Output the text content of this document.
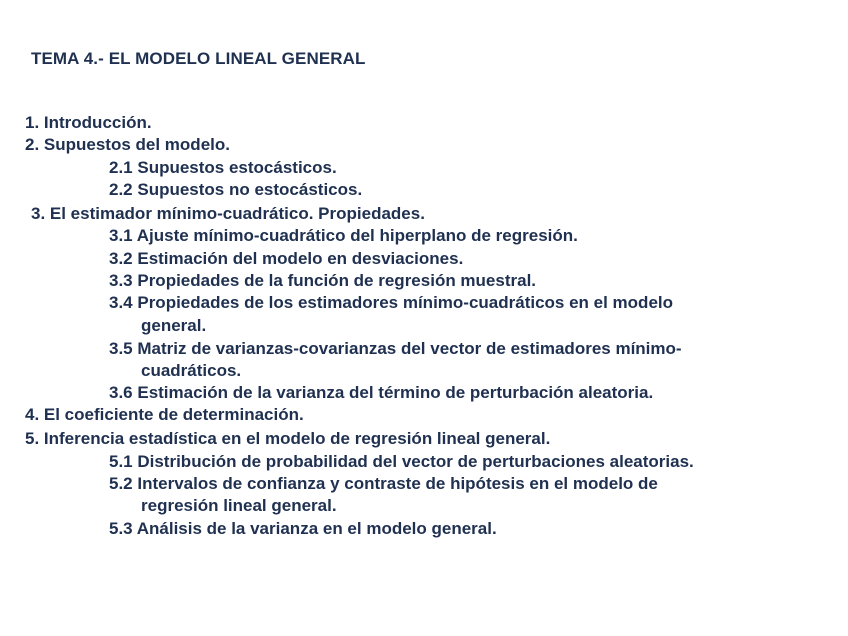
TEMA 4.- EL MODELO LINEAL GENERAL
1. Introducción.
2. Supuestos del modelo.
2.1 Supuestos estocásticos.
2.2 Supuestos no estocásticos.
3. El estimador mínimo-cuadrático. Propiedades.
3.1 Ajuste mínimo-cuadrático del hiperplano de regresión.
3.2 Estimación del modelo en desviaciones.
3.3 Propiedades de la función de regresión muestral.
3.4 Propiedades de los estimadores mínimo-cuadráticos en el modelo
general.
3.5 Matriz de varianzas-covarianzas del vector de estimadores mínimo-
cuadráticos.
3.6 Estimación de la varianza del término de perturbación aleatoria.
4. El coeficiente de determinación.
5. Inferencia estadística en el modelo de regresión lineal general.
5.1 Distribución de probabilidad del vector de perturbaciones aleatorias.
5.2 Intervalos de confianza y contraste de hipótesis en el modelo de
regresión lineal general.
5.3 Análisis de la varianza en el modelo general.
